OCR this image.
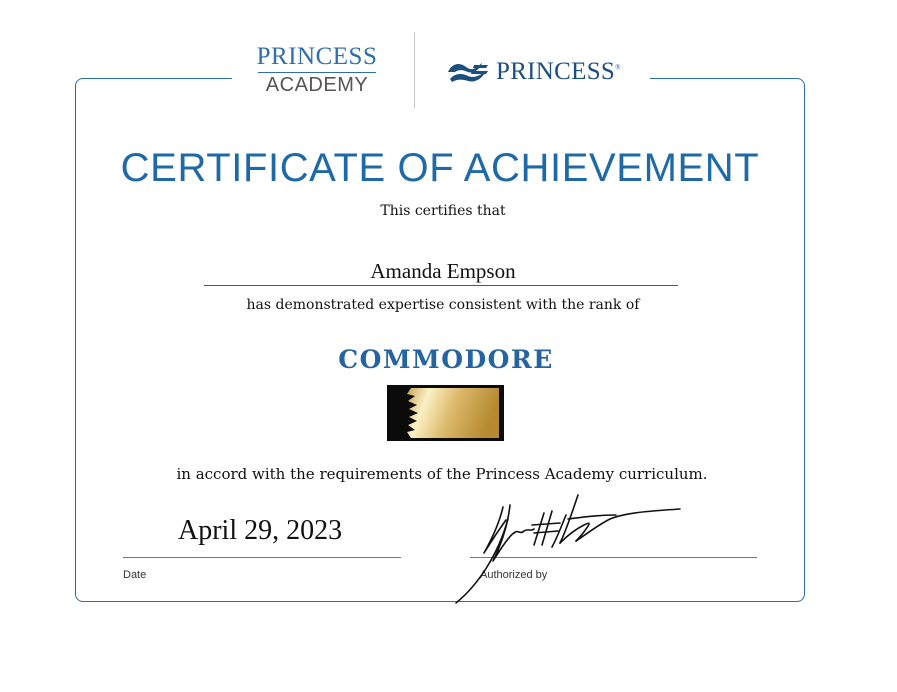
PRINCESS
ACADEMY	PRINCESS®
CERTIFICATE OF ACHIEVEMENT
This certifies that
Amanda Empson
has demonstrated expertise consistent with the rank of
COMMODORE
in accord with the requirements of the Princess Academy curriculum.
April 29, 2023
Date	Authorized by
